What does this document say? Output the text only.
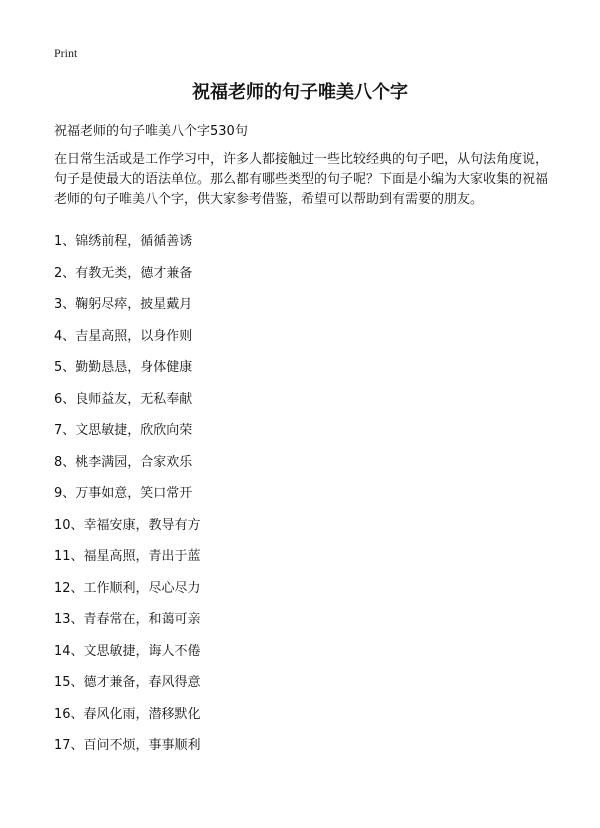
Print
祝福老师的句子唯美八个字

祝福老师的句子唯美八个字530句

在日常生活或是工作学习中，许多人都接触过一些比较经典的句子吧，从句法角度说，句子是使最大的语法单位。那么都有哪些类型的句子呢？下面是小编为大家收集的祝福老师的句子唯美八个字，供大家参考借鉴，希望可以帮助到有需要的朋友。

1、锦绣前程，循循善诱
2、有教无类，德才兼备
3、鞠躬尽瘁，披星戴月
4、吉星高照，以身作则
5、勤勤恳恳，身体健康
6、良师益友，无私奉献
7、文思敏捷，欣欣向荣
8、桃李满园，合家欢乐
9、万事如意，笑口常开
10、幸福安康，教导有方
11、福星高照，青出于蓝
12、工作顺利，尽心尽力
13、青春常在，和蔼可亲
14、文思敏捷，诲人不倦
15、德才兼备，春风得意
16、春风化雨，潜移默化
17、百问不烦，事事顺利
